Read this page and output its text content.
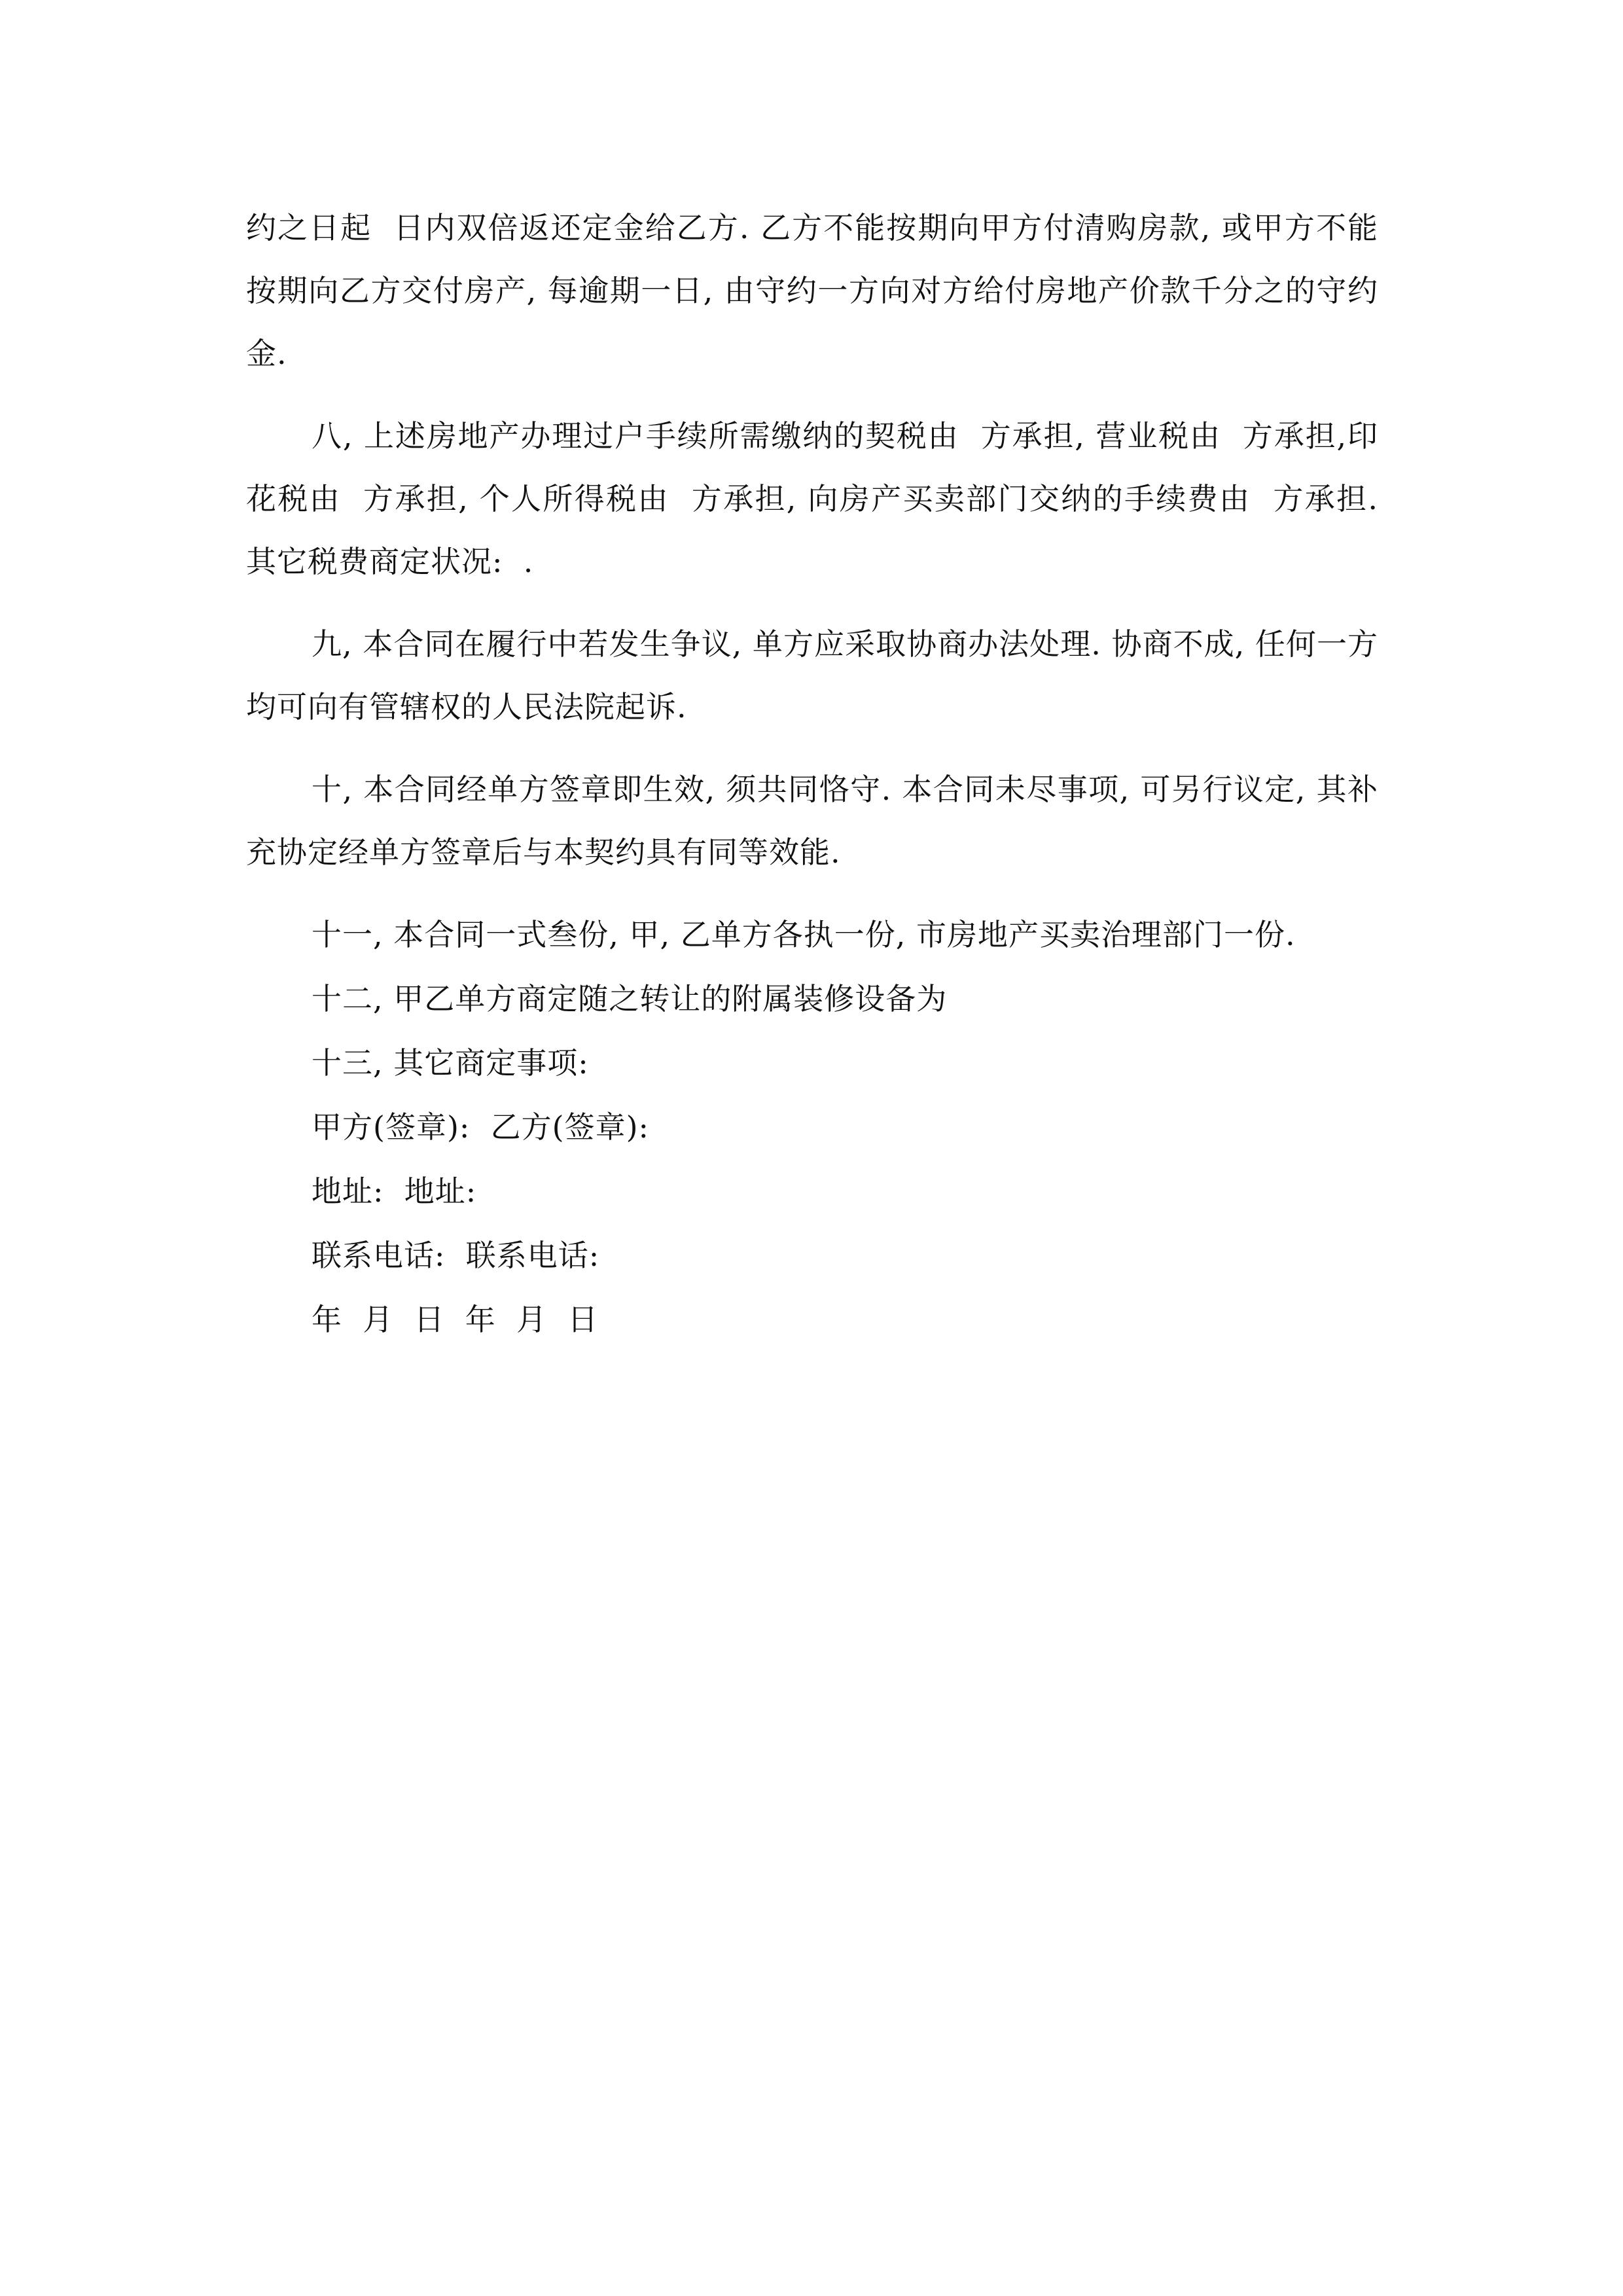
约之日起  日内双倍返还定金给乙方. 乙方不能按期向甲方付清购房款, 或甲方不能按期向乙方交付房产, 每逾期一日, 由守约一方向对方给付房地产价款千分之的守约金.

八, 上述房地产办理过户手续所需缴纳的契税由  方承担, 营业税由  方承担,印花税由  方承担, 个人所得税由  方承担, 向房产买卖部门交纳的手续费由  方承担. 其它税费商定状况:  .

九, 本合同在履行中若发生争议, 单方应采取协商办法处理. 协商不成, 任何一方均可向有管辖权的人民法院起诉.

十, 本合同经单方签章即生效, 须共同恪守. 本合同未尽事项, 可另行议定, 其补充协定经单方签章后与本契约具有同等效能.

十一, 本合同一式叁份, 甲, 乙单方各执一份, 市房地产买卖治理部门一份.

十二, 甲乙单方商定随之转让的附属装修设备为

十三, 其它商定事项:

甲方(签章):  乙方(签章):

地址:  地址:

联系电话:  联系电话:

年  月  日  年  月  日
